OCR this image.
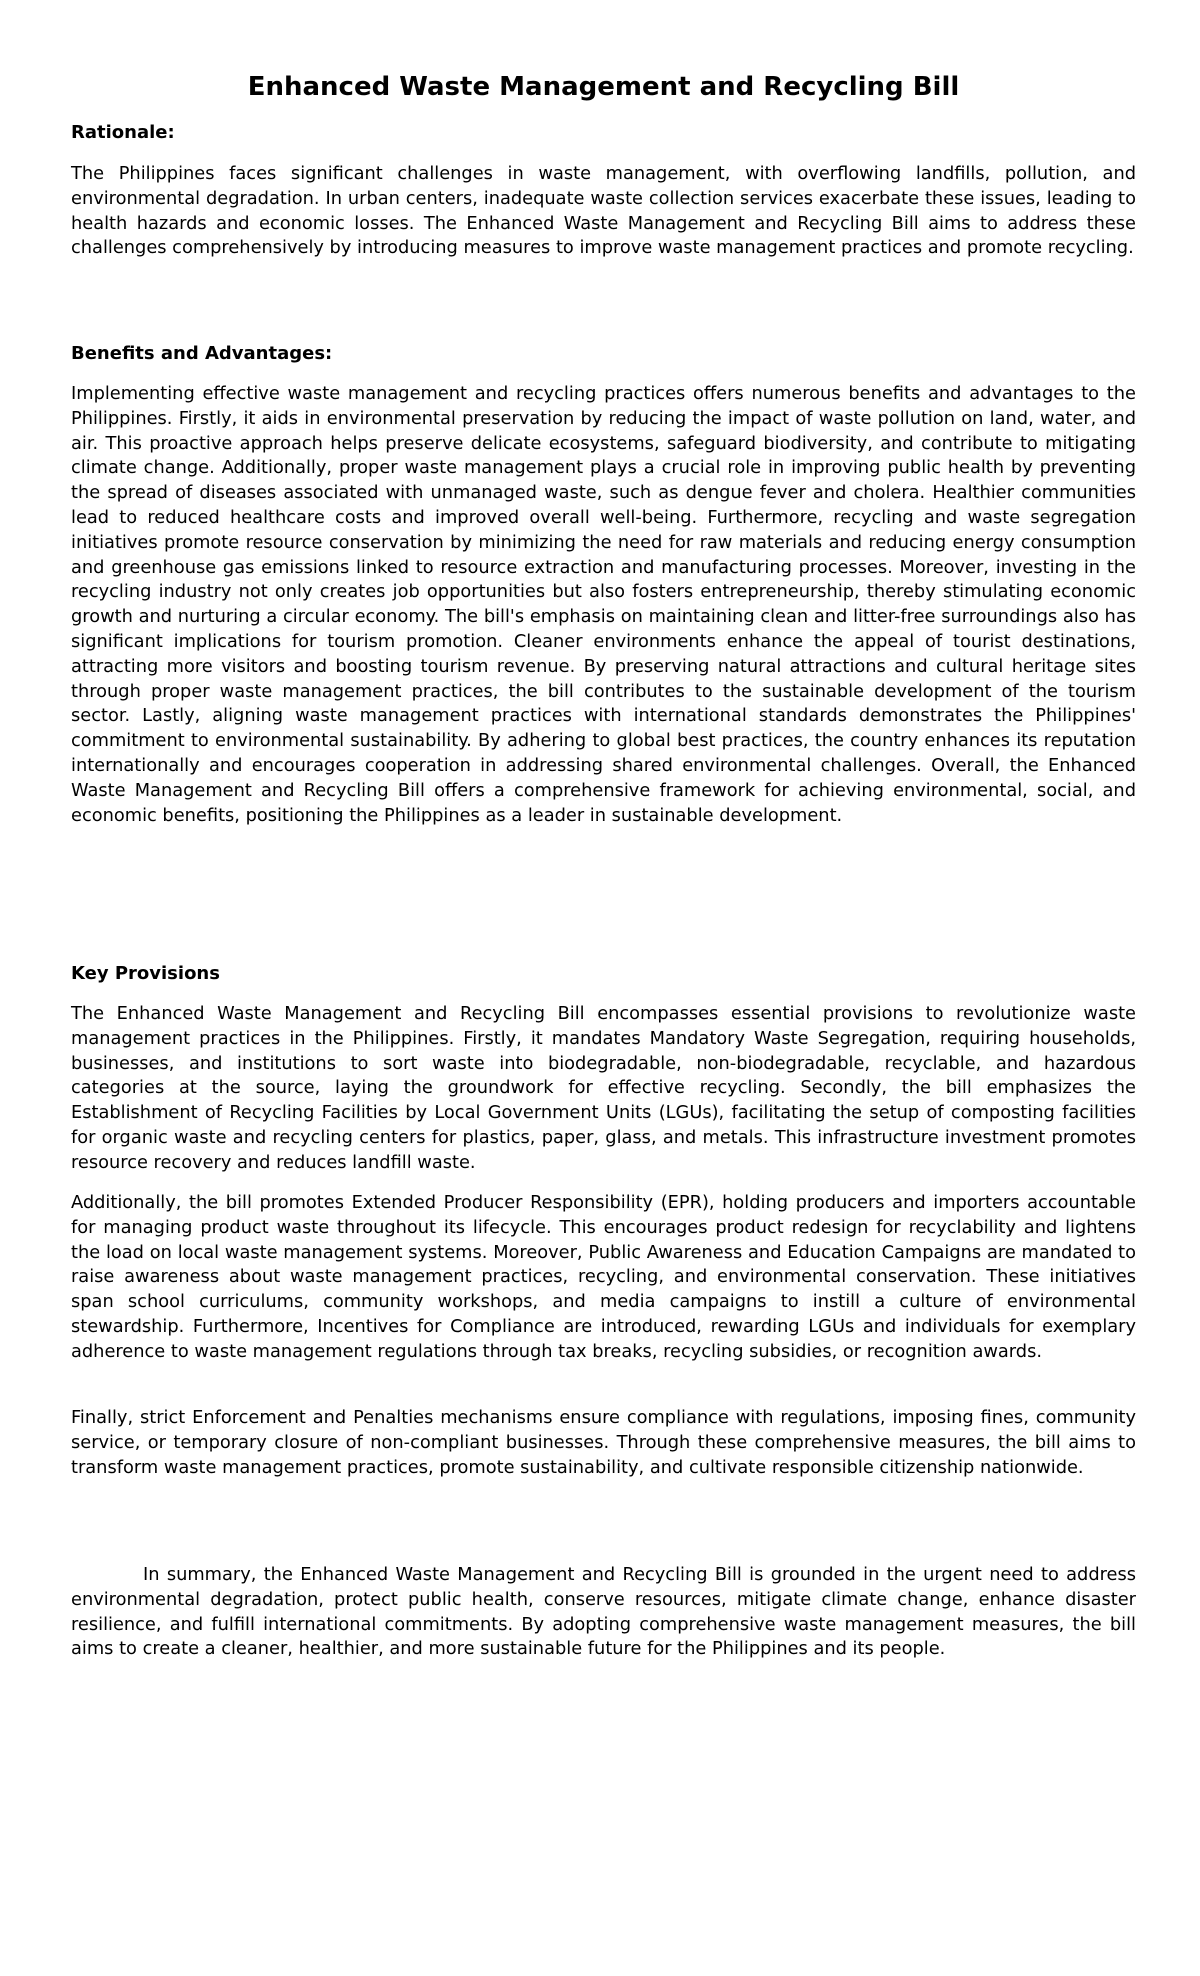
Enhanced Waste Management and Recycling Bill
Rationale:

The Philippines faces significant challenges in waste management, with overflowing landfills, pollution, and environmental degradation. In urban centers, inadequate waste collection services exacerbate these issues, leading to health hazards and economic losses. The Enhanced Waste Management and Recycling Bill aims to address these challenges comprehensively by introducing measures to improve waste management practices and promote recycling.

Benefits and Advantages:

Implementing effective waste management and recycling practices offers numerous benefits and advantages to the Philippines. Firstly, it aids in environmental preservation by reducing the impact of waste pollution on land, water, and air. This proactive approach helps preserve delicate ecosystems, safeguard biodiversity, and contribute to mitigating climate change. Additionally, proper waste management plays a crucial role in improving public health by preventing the spread of diseases associated with unmanaged waste, such as dengue fever and cholera. Healthier communities lead to reduced healthcare costs and improved overall well-being. Furthermore, recycling and waste segregation initiatives promote resource conservation by minimizing the need for raw materials and reducing energy consumption and greenhouse gas emissions linked to resource extraction and manufacturing processes. Moreover, investing in the recycling industry not only creates job opportunities but also fosters entrepreneurship, thereby stimulating economic growth and nurturing a circular economy. The bill's emphasis on maintaining clean and litter-free surroundings also has significant implications for tourism promotion. Cleaner environments enhance the appeal of tourist destinations, attracting more visitors and boosting tourism revenue. By preserving natural attractions and cultural heritage sites through proper waste management practices, the bill contributes to the sustainable development of the tourism sector. Lastly, aligning waste management practices with international standards demonstrates the Philippines' commitment to environmental sustainability. By adhering to global best practices, the country enhances its reputation internationally and encourages cooperation in addressing shared environmental challenges. Overall, the Enhanced Waste Management and Recycling Bill offers a comprehensive framework for achieving environmental, social, and economic benefits, positioning the Philippines as a leader in sustainable development.

Key Provisions

The Enhanced Waste Management and Recycling Bill encompasses essential provisions to revolutionize waste management practices in the Philippines. Firstly, it mandates Mandatory Waste Segregation, requiring households, businesses, and institutions to sort waste into biodegradable, non-biodegradable, recyclable, and hazardous categories at the source, laying the groundwork for effective recycling. Secondly, the bill emphasizes the Establishment of Recycling Facilities by Local Government Units (LGUs), facilitating the setup of composting facilities for organic waste and recycling centers for plastics, paper, glass, and metals. This infrastructure investment promotes resource recovery and reduces landfill waste.

Additionally, the bill promotes Extended Producer Responsibility (EPR), holding producers and importers accountable for managing product waste throughout its lifecycle. This encourages product redesign for recyclability and lightens the load on local waste management systems. Moreover, Public Awareness and Education Campaigns are mandated to raise awareness about waste management practices, recycling, and environmental conservation. These initiatives span school curriculums, community workshops, and media campaigns to instill a culture of environmental stewardship. Furthermore, Incentives for Compliance are introduced, rewarding LGUs and individuals for exemplary adherence to waste management regulations through tax breaks, recycling subsidies, or recognition awards.

Finally, strict Enforcement and Penalties mechanisms ensure compliance with regulations, imposing fines, community service, or temporary closure of non-compliant businesses. Through these comprehensive measures, the bill aims to transform waste management practices, promote sustainability, and cultivate responsible citizenship nationwide.

In summary, the Enhanced Waste Management and Recycling Bill is grounded in the urgent need to address environmental degradation, protect public health, conserve resources, mitigate climate change, enhance disaster resilience, and fulfill international commitments. By adopting comprehensive waste management measures, the bill aims to create a cleaner, healthier, and more sustainable future for the Philippines and its people.
